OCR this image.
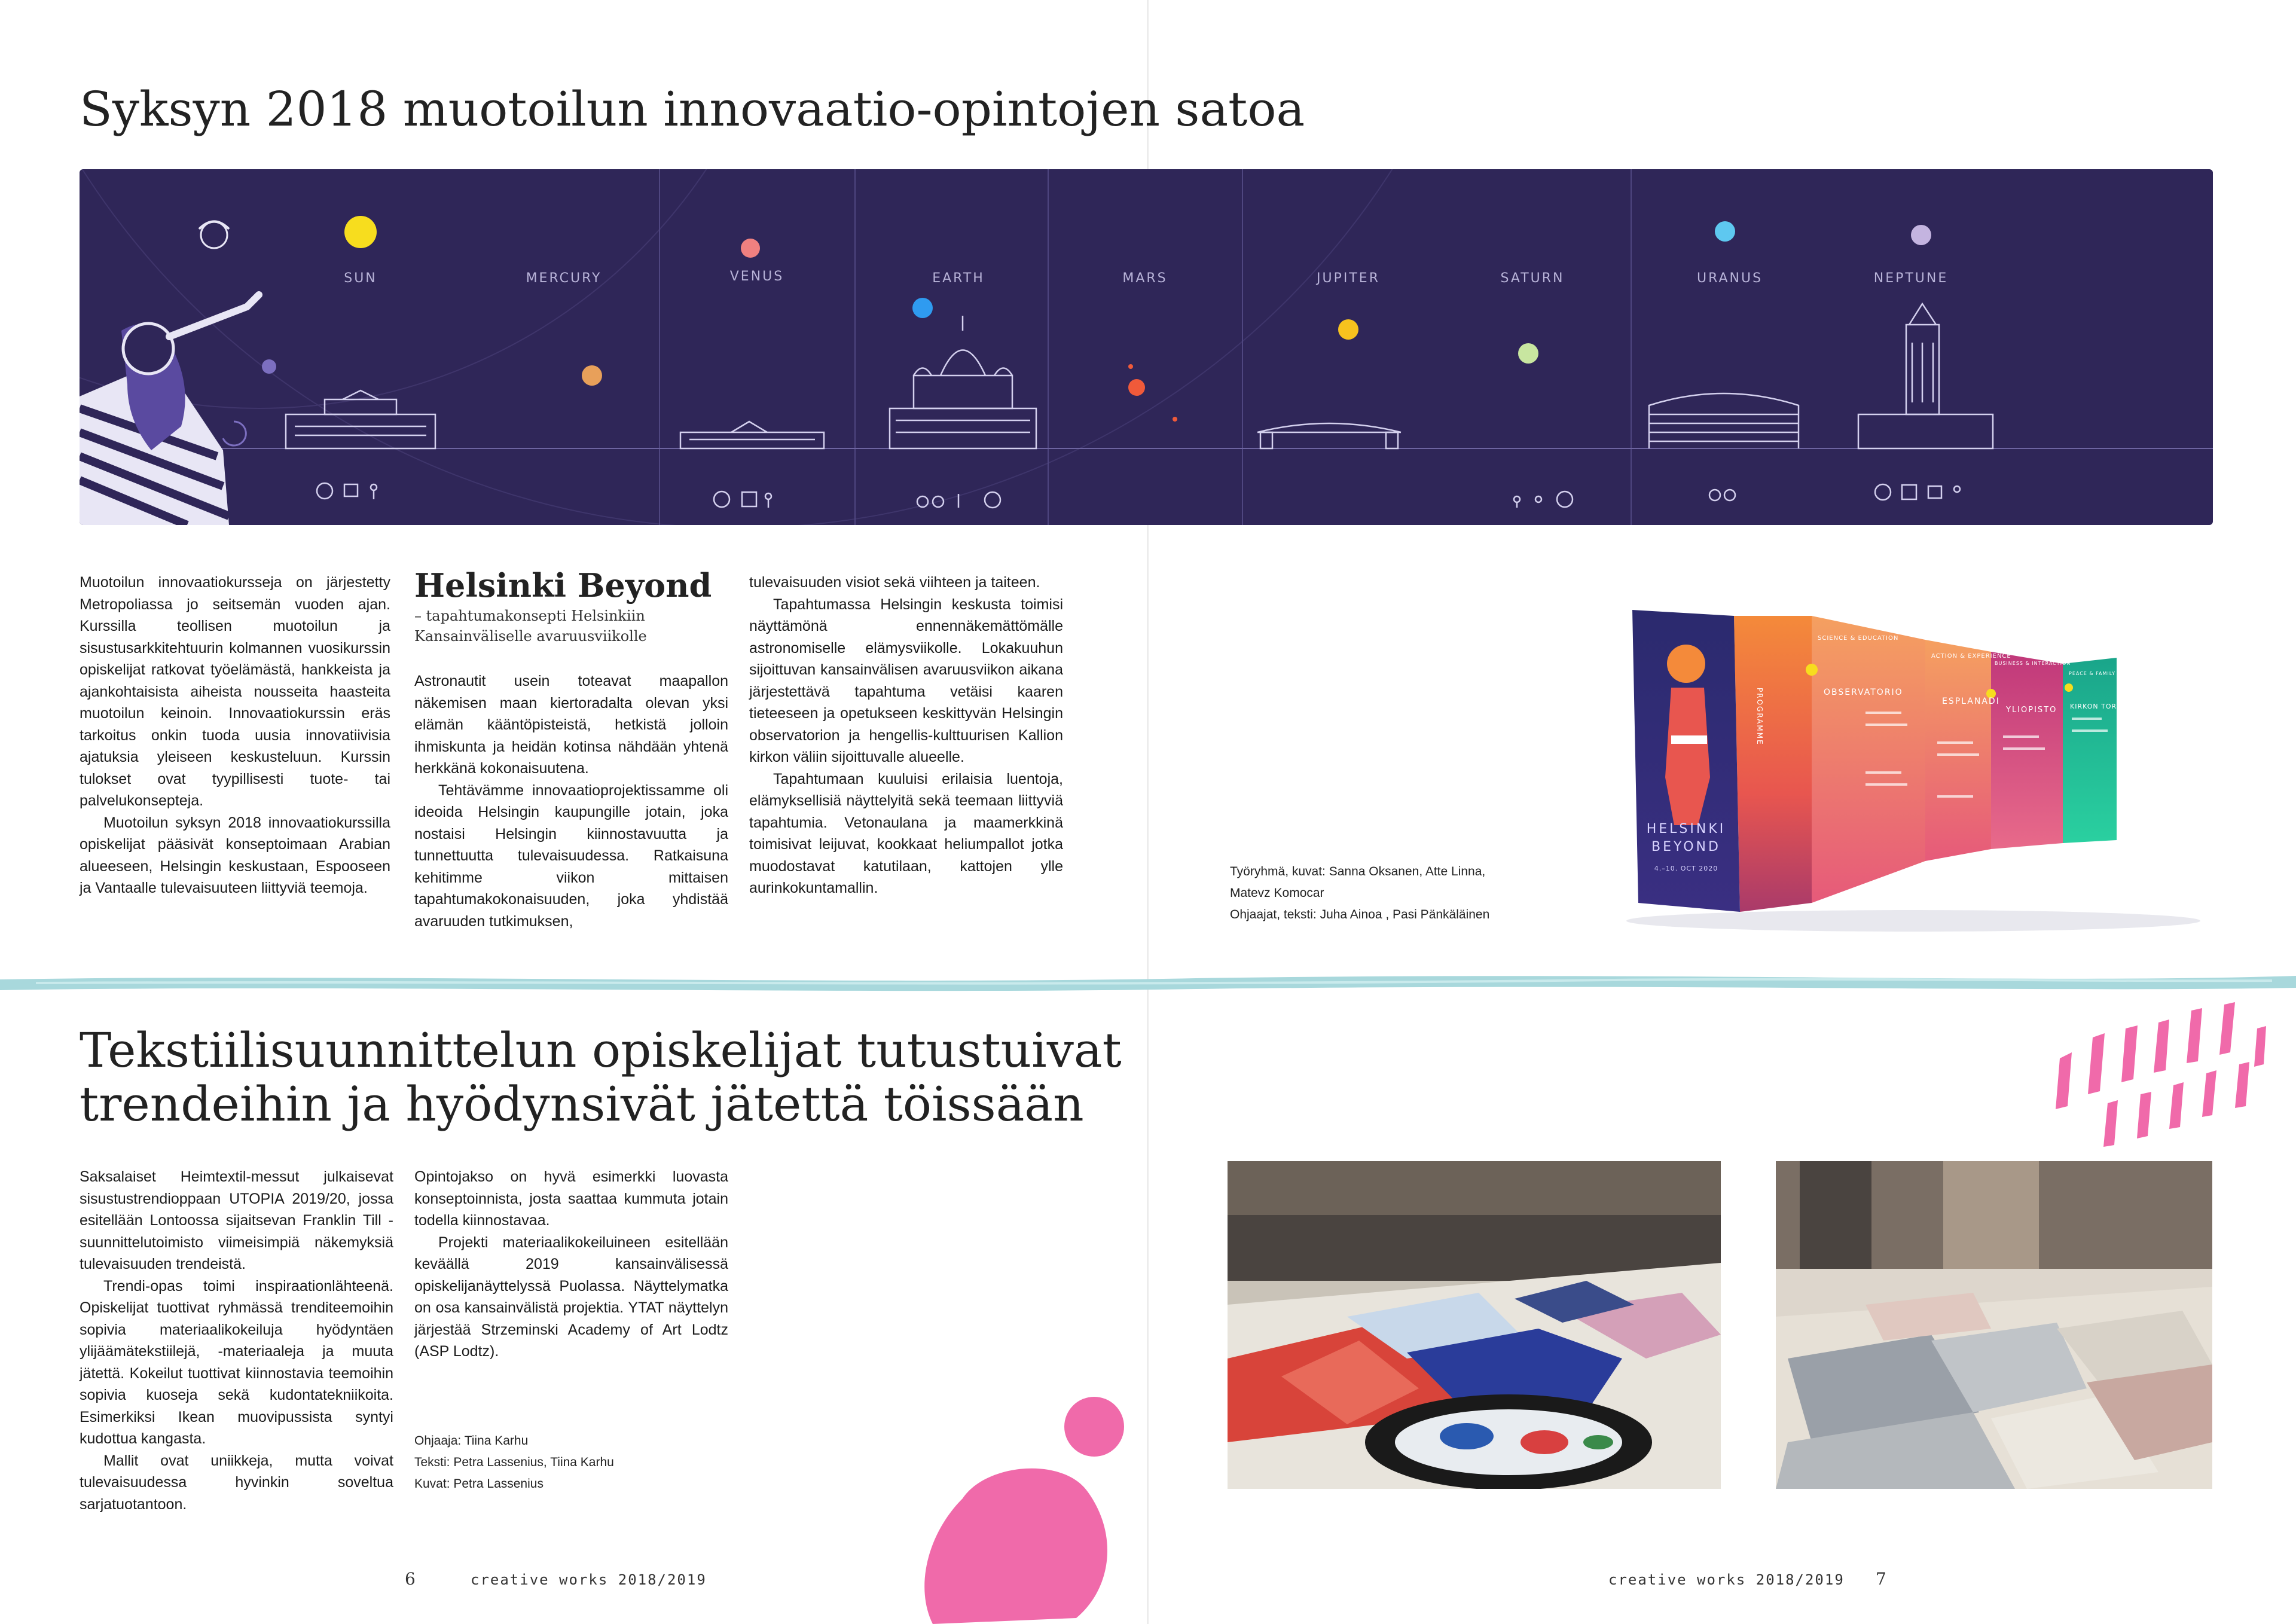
Syksyn 2018 muotoilun innovaatio-opintojen satoa
SUN	MERCURY	VENUS	EARTH	MARS	JUPITER	SATURN	URANUS	NEPTUNE

Muotoilun innovaatiokursseja on järjestetty Metropoliassa jo seitsemän vuoden ajan. Kurssilla teollisen muotoilun ja sisustusarkkitehtuurin kolmannen vuosikurssin opiskelijat ratkovat työelämästä, hankkeista ja ajankohtaisista aiheista nousseita haasteita muotoilun keinoin. Innovaatiokurssin eräs tarkoitus onkin tuoda uusia innovatiivisia ajatuksia yleiseen keskusteluun. Kurssin tulokset ovat tyypillisesti tuote- tai palvelukonsepteja.

Muotoilun syksyn 2018 innovaatiokurssilla opiskelijat pääsivät konseptoimaan Arabian alueeseen, Helsingin keskustaan, Espooseen ja Vantaalle tulevaisuuteen liittyviä teemoja.

Helsinki Beyond
– tapahtumakonsepti Helsinkiin Kansainväliselle avaruusviikolle

Astronautit usein toteavat maapallon näkemisen maan kiertoradalta olevan yksi elämän kääntöpisteistä, hetkistä jolloin ihmiskunta ja heidän kotinsa nähdään yhtenä herkkänä kokonaisuutena.

Tehtävämme innovaatioprojektissamme oli ideoida Helsingin kaupungille jotain, joka nostaisi Helsingin kiinnostavuutta ja tunnettuutta tulevaisuudessa. Ratkaisuna kehitimme viikon mittaisen tapahtumakokonaisuuden, joka yhdistää avaruuden tutkimuksen,

tulevaisuuden visiot sekä viihteen ja taiteen.

Tapahtumassa Helsingin keskusta toimisi näyttämönä ennennäkemättömälle astronomiselle elämysviikolle. Lokakuuhun sijoittuvan kansainvälisen avaruusviikon aikana järjestettävä tapahtuma vetäisi kaaren tieteeseen ja opetukseen keskittyvän Helsingin observatorion ja hengellis-kulttuurisen Kallion kirkon väliin sijoittuvalle alueelle.

Tapahtumaan kuuluisi erilaisia luentoja, elämyksellisiä näyttelyitä sekä teemaan liittyviä tapahtumia. Vetonaulana ja maamerkkinä toimisivat leijuvat, kookkaat heliumpallot jotka muodostavat katutilaan, kattojen ylle aurinkokuntamallin.

HELSINKI
BEYOND
4.–10. OCT 2020
PROGRAMME
SCIENCE & EDUCATION
OBSERVATORIO
ACTION & EXPERIENCE
ESPLANADI
BUSINESS & INTERACTION
YLIOPISTO
PEACE & FAMILY
KIRKON TORI
Työryhmä, kuvat: Sanna Oksanen, Atte Linna,
Matevz Komocar
Ohjaajat, teksti: Juha Ainoa , Pasi Pänkäläinen
Tekstiilisuunnittelun opiskelijat tutustuivat
trendeihin ja hyödynsivät jätettä töissään

Saksalaiset Heimtextil-messut julkaisevat sisustustrendioppaan UTOPIA 2019/20, jossa esitellään Lontoossa sijaitsevan Franklin Till - suunnittelutoimisto viimeisimpiä näkemyksiä tulevaisuuden trendeistä.

Trendi-opas toimi inspiraationlähteenä. Opiskelijat tuottivat ryhmässä trenditeemoihin sopivia materiaalikokeiluja hyödyntäen ylijäämätekstiilejä, -materiaaleja ja muuta jätettä. Kokeilut tuottivat kiinnostavia teemoihin sopivia kuoseja sekä kudontatekniikoita. Esimerkiksi Ikean muovipussista syntyi kudottua kangasta.

Mallit ovat uniikkeja, mutta voivat tulevaisuudessa hyvinkin soveltua sarjatuotantoon.

Opintojakso on hyvä esimerkki luovasta konseptoinnista, josta saattaa kummuta jotain todella kiinnostavaa.

Projekti materiaalikokeiluineen esitellään keväällä 2019 kansainvälisessä opiskelijanäyttelyssä Puolassa. Näyttelymatka on osa kansainvälistä projektia. YTAT näyttelyn järjestää Strzeminski Academy of Art Lodtz (ASP Lodtz).

Ohjaaja: Tiina Karhu
Teksti: Petra Lassenius, Tiina Karhu
Kuvat: Petra Lassenius
6	creative works 2018/2019	creative works 2018/2019 7
